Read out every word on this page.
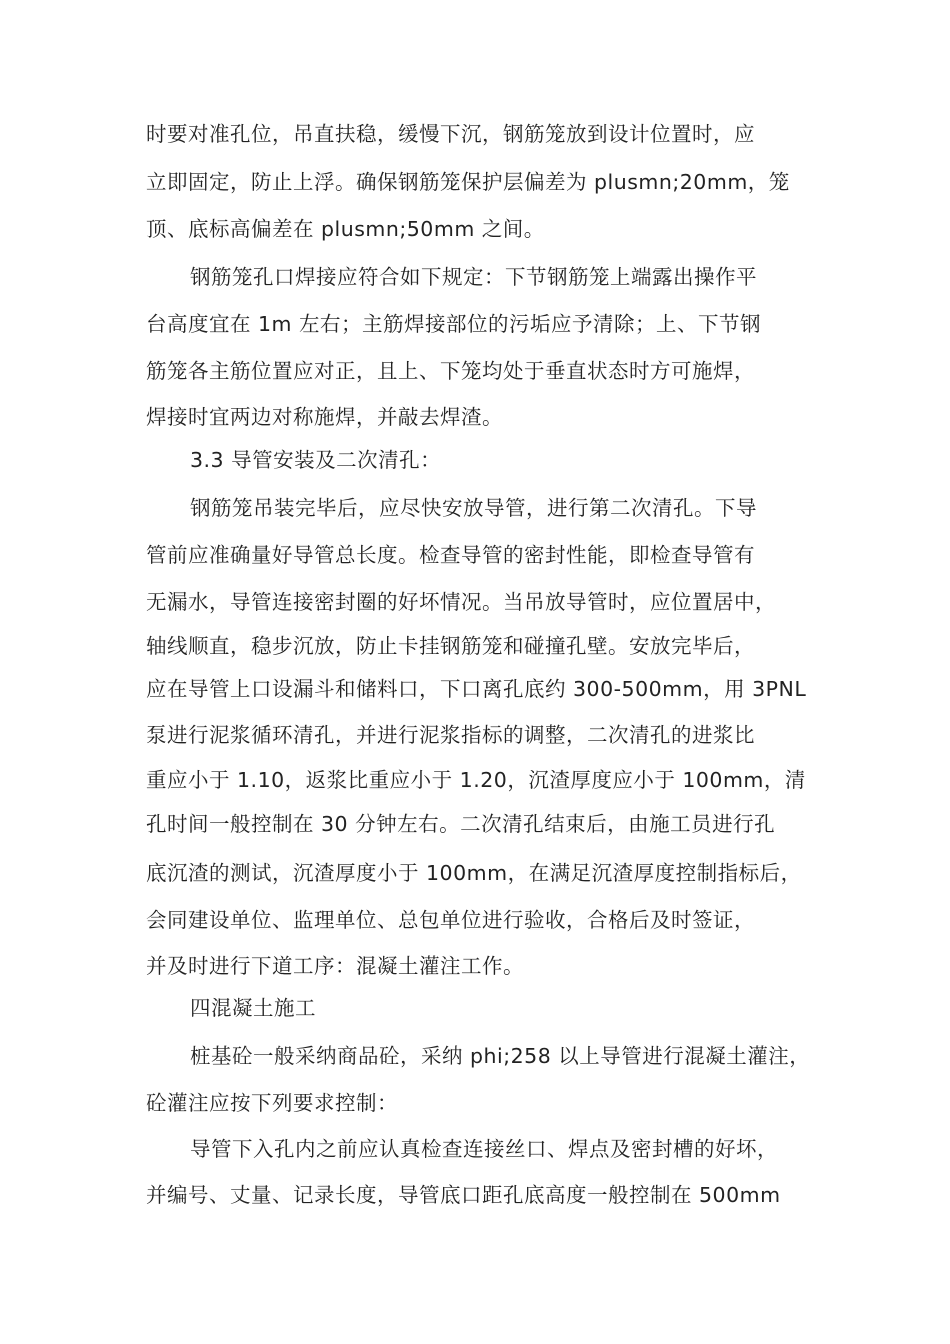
时要对准孔位，吊直扶稳，缓慢下沉，钢筋笼放到设计位置时，应
立即固定，防止上浮。确保钢筋笼保护层偏差为 plusmn;20mm，笼
顶、底标高偏差在 plusmn;50mm 之间。
钢筋笼孔口焊接应符合如下规定：下节钢筋笼上端露出操作平
台高度宜在 1m 左右；主筋焊接部位的污垢应予清除；上、下节钢
筋笼各主筋位置应对正，且上、下笼均处于垂直状态时方可施焊，
焊接时宜两边对称施焊，并敲去焊渣。
3.3 导管安装及二次清孔：
钢筋笼吊装完毕后，应尽快安放导管，进行第二次清孔。下导
管前应准确量好导管总长度。检查导管的密封性能，即检查导管有
无漏水，导管连接密封圈的好坏情况。当吊放导管时，应位置居中，
轴线顺直，稳步沉放，防止卡挂钢筋笼和碰撞孔壁。安放完毕后，
应在导管上口设漏斗和储料口，下口离孔底约 300-500mm，用 3PNL
泵进行泥浆循环清孔，并进行泥浆指标的调整，二次清孔的进浆比
重应小于 1.10，返浆比重应小于 1.20，沉渣厚度应小于 100mm，清
孔时间一般控制在 30 分钟左右。二次清孔结束后，由施工员进行孔
底沉渣的测试，沉渣厚度小于 100mm，在满足沉渣厚度控制指标后，
会同建设单位、监理单位、总包单位进行验收，合格后及时签证，
并及时进行下道工序：混凝土灌注工作。
四混凝土施工
桩基砼一般采纳商品砼，采纳 phi;258 以上导管进行混凝土灌注，
砼灌注应按下列要求控制：
导管下入孔内之前应认真检查连接丝口、焊点及密封槽的好坏，
并编号、丈量、记录长度，导管底口距孔底高度一般控制在 500mm
